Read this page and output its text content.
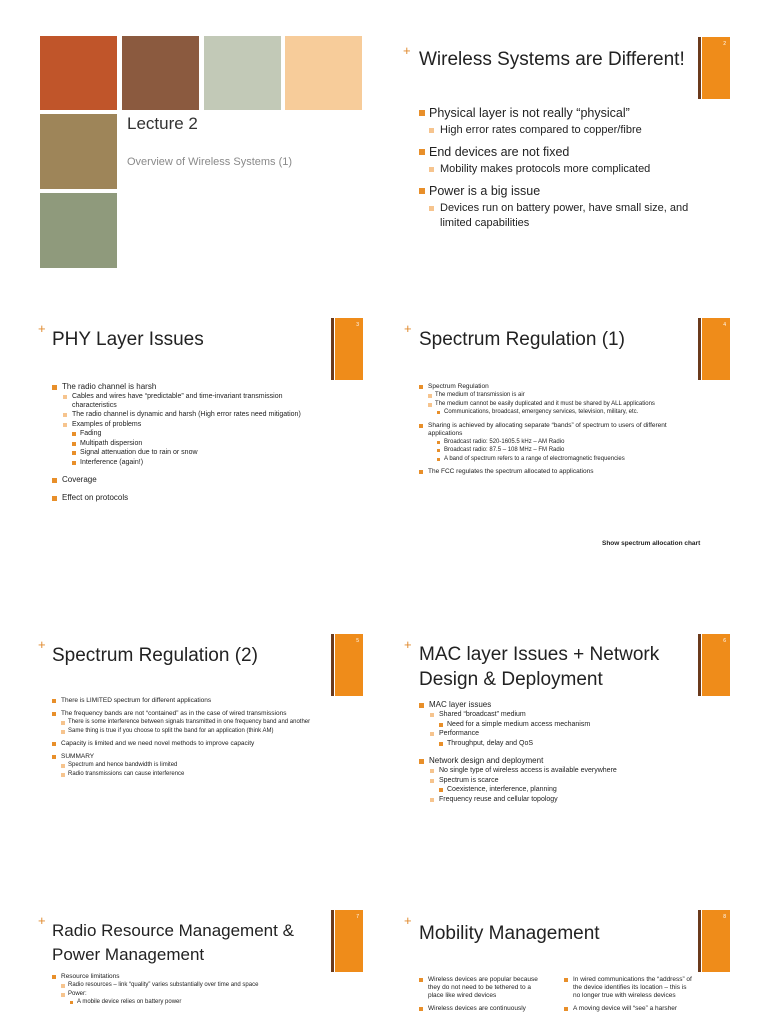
Lecture 2
Overview of Wireless Systems (1)
+ Wireless Systems are Different!
2
Physical layer is not really “physical”
High error rates compared to copper/fibre
End devices are not fixed
Mobility makes protocols more complicated
Power is a big issue
Devices run on battery power, have small size, and limited capabilities
+
PHY Layer Issues
3
The radio channel is harsh
Cables and wires have “predictable” and time-invariant transmission characteristics
The radio channel is dynamic and harsh (High error rates need mitigation)
Examples of problems
Fading
Multipath dispersion
Signal attenuation due to rain or snow
Interference (again!)
Coverage
Effect on protocols
+
Spectrum Regulation (1)
4
Spectrum Regulation
The medium of transmission is air
The medium cannot be easily duplicated and it must be shared by ALL applications
Communications, broadcast, emergency services, television, military, etc.
Sharing is achieved by allocating separate “bands” of spectrum to users of different applications
Broadcast radio: 520-1605.5 kHz – AM Radio
Broadcast radio: 87.5 – 108 MHz – FM Radio
A band of spectrum refers to a range of electromagnetic frequencies
The FCC regulates the spectrum allocated to applications
Show spectrum allocation chart
+
Spectrum Regulation (2)
5
There is LIMITED spectrum for different applications
The frequency bands are not “contained” as in the case of wired transmissions
There is some interference between signals transmitted in one frequency band and another
Same thing is true if you choose to split the band for an application (think AM)
Capacity is limited and we need novel methods to improve capacity
SUMMARY
Spectrum and hence bandwidth is limited
Radio transmissions can cause interference
+ MAC layer Issues + Network Design & Deployment
6
MAC layer issues
Shared “broadcast” medium
Need for a simple medium access mechanism
Performance
Throughput, delay and QoS
Network design and deployment
No single type of wireless access is available everywhere
Spectrum is scarce
Coexistence, interference, planning
Frequency reuse and cellular topology
+
Radio Resource Management & Power Management
7
Resource limitations
Radio resources – link “quality” varies substantially over time and space
Power:
A mobile device relies on battery power
+
Mobility Management
8
Wireless devices are popular because they do not need to be tethered to a place like wired devices
Wireless devices are continuously
In wired communications the “address” of the device identifies its location – this is no longer true with wireless devices
A moving device will “see” a harsher
